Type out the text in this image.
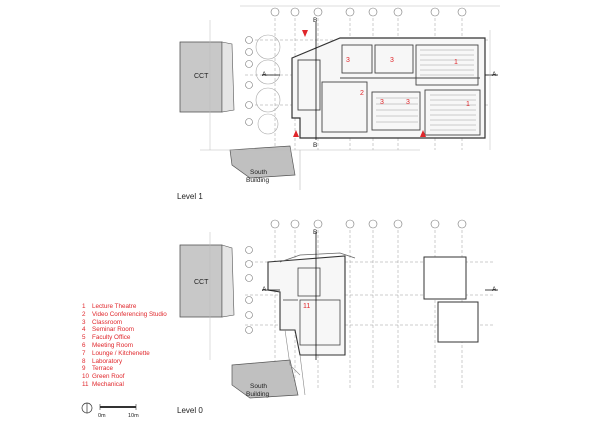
CCT
CCT
South
Building
South
Building
Level 1
Level 0
A	A
B
B
A	A
B
3	3	1
2
3	3	1
11
1	Lecture Theatre
2	Video Conferencing Studio
3	Classroom
4	Seminar Room
5	Faculty Office
6	Meeting Room
7	Lounge / Kitchenette
8	Laboratory
9	Terrace
10 Green Roof
11 Mechanical
0m	10m
